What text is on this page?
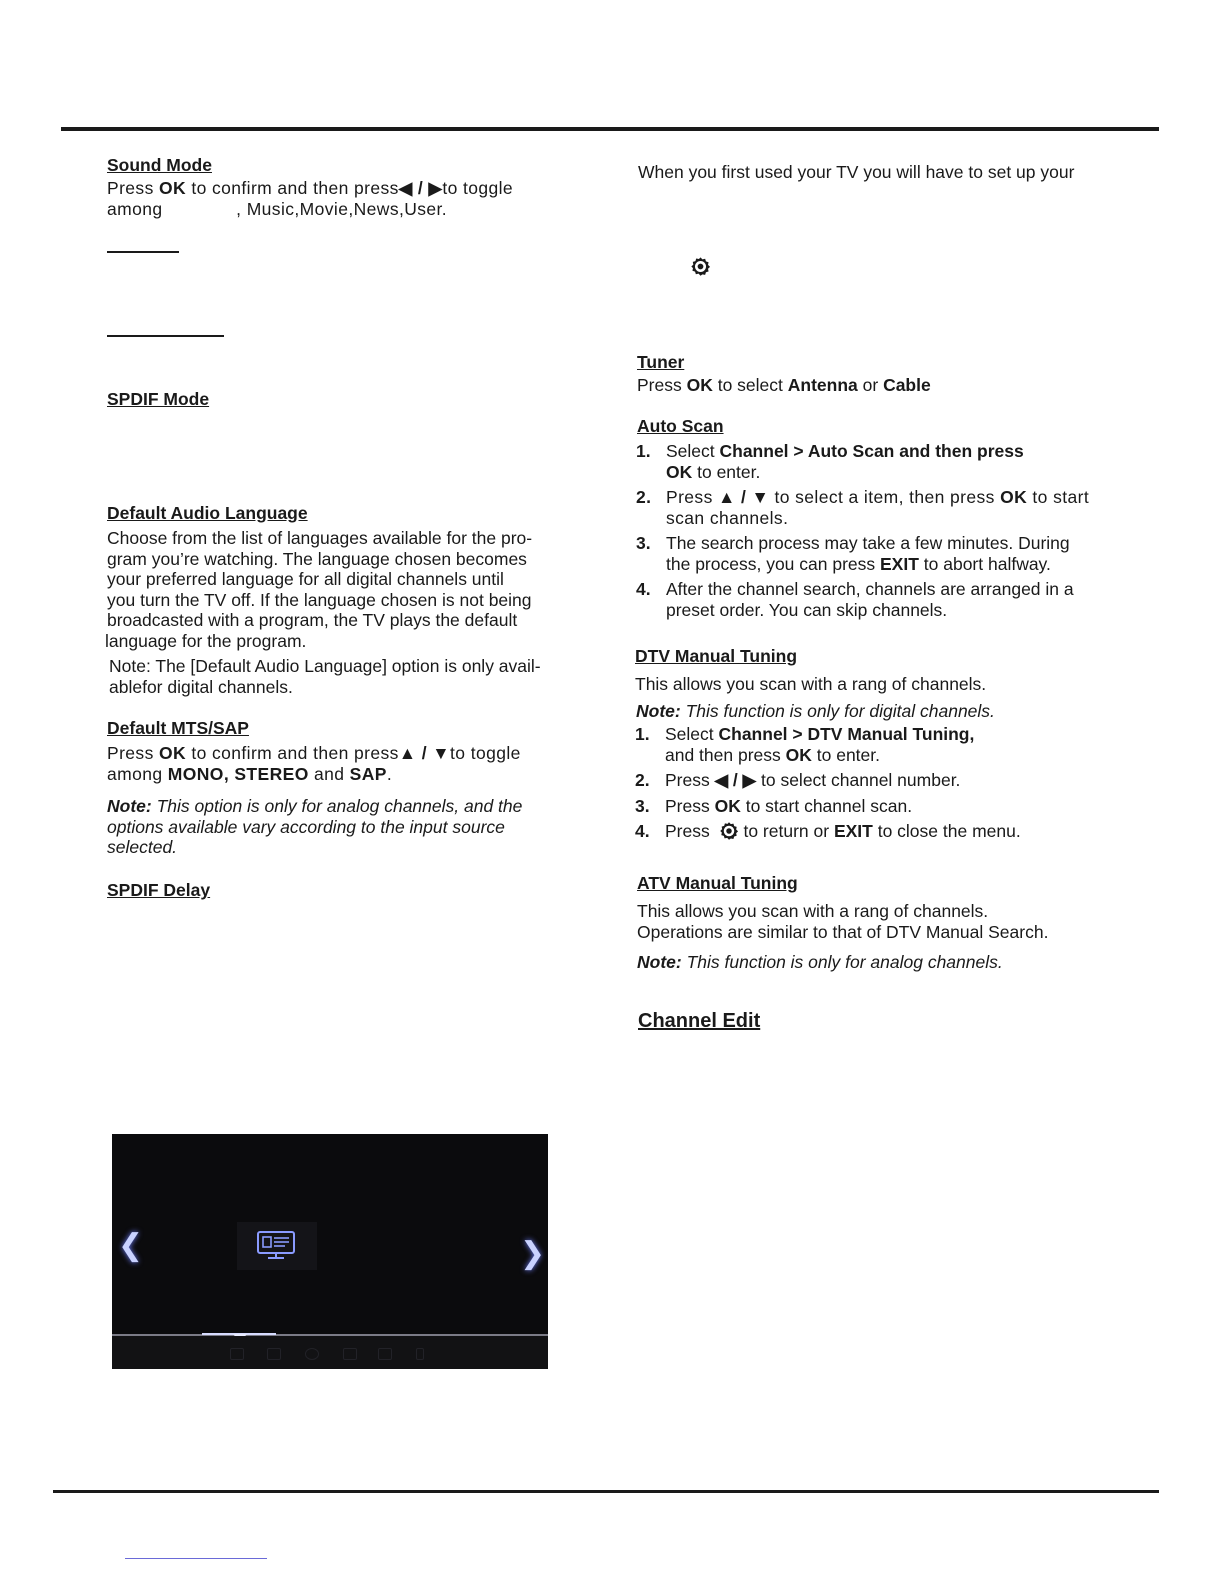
Sound Mode

Press OK to confirm and then press◀ / ▶to toggle

among              , Music,Movie,News,User.

SPDIF Mode
Default Audio Language

Choose from the list of languages available for the pro-

gram you’re watching. The language chosen becomes

your preferred language for all digital channels until

you turn the TV off. If the language chosen is not being

broadcasted with a program, the TV plays the default

language for the program.

Note: The [Default Audio Language] option is only avail-

ablefor digital channels.

Default MTS/SAP

Press OK to confirm and then press▲ / ▼to toggle

among MONO, STEREO and SAP.

Note: This option is only for analog channels, and the

options available vary according to the input source

selected.

SPDIF Delay
❮	❯

When you first used your TV you will have to set up your

Tuner

Press OK to select Antenna or Cable

Auto Scan
1. Select Channel > Auto Scan and then press
OK to enter.
2. Press ▲ / ▼ to select a item, then press OK to start
scan channels.
3. The search process may take a few minutes. During
the process, you can press EXIT to abort halfway.
4. After the channel search, channels are arranged in a
preset order. You can skip channels.
DTV Manual Tuning

This allows you scan with a rang of channels.

Note: This function is only for digital channels.

1. Select Channel > DTV Manual Tuning,
and then press OK to enter.
2. Press ◀ / ▶ to select channel number.
3. Press OK to start channel scan.
4. Press  to return or EXIT to close the menu.
ATV Manual Tuning

This allows you scan with a rang of channels.

Operations are similar to that of DTV Manual Search.

Note: This function is only for analog channels.

Channel Edit
